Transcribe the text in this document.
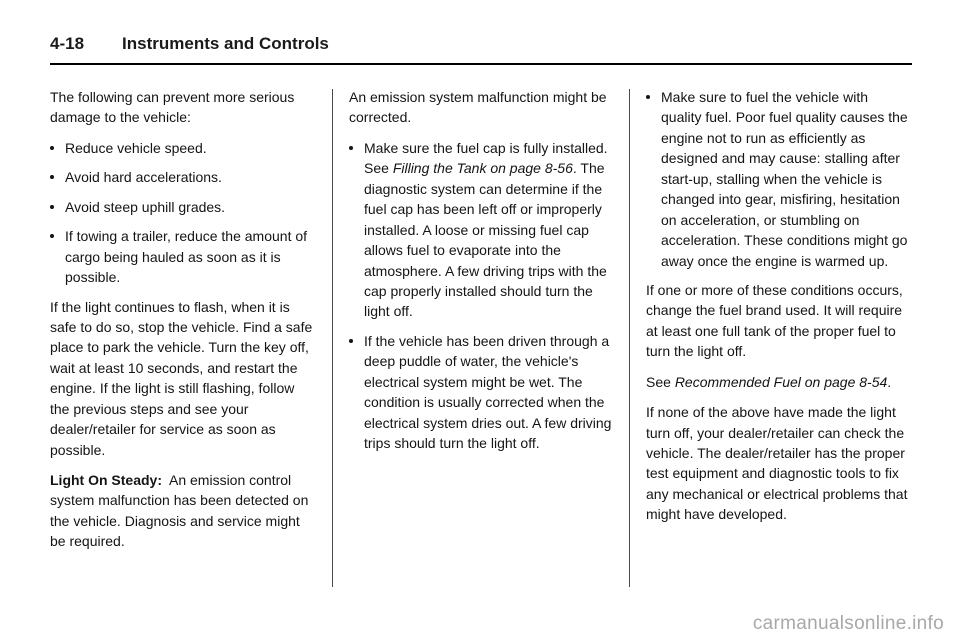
4-18 Instruments and Controls

The following can prevent more serious damage to the vehicle:

Reduce vehicle speed.
Avoid hard accelerations.
Avoid steep uphill grades.
If towing a trailer, reduce the amount of cargo being hauled as soon as it is possible.

If the light continues to flash, when it is safe to do so, stop the vehicle. Find a safe place to park the vehicle. Turn the key off, wait at least 10 seconds, and restart the engine. If the light is still flashing, follow the previous steps and see your dealer/retailer for service as soon as possible.

Light On Steady: An emission control system malfunction has been detected on the vehicle. Diagnosis and service might be required.

An emission system malfunction might be corrected.

Make sure the fuel cap is fully installed. See Filling the Tank on page 8-56. The diagnostic system can determine if the fuel cap has been left off or improperly installed. A loose or missing fuel cap allows fuel to evaporate into the atmosphere. A few driving trips with the cap properly installed should turn the light off.
If the vehicle has been driven through a deep puddle of water, the vehicle's electrical system might be wet. The condition is usually corrected when the electrical system dries out. A few driving trips should turn the light off.
Make sure to fuel the vehicle with quality fuel. Poor fuel quality causes the engine not to run as efficiently as designed and may cause: stalling after start-up, stalling when the vehicle is changed into gear, misfiring, hesitation on acceleration, or stumbling on acceleration. These conditions might go away once the engine is warmed up.

If one or more of these conditions occurs, change the fuel brand used. It will require at least one full tank of the proper fuel to turn the light off.

See Recommended Fuel on page 8-54.

If none of the above have made the light turn off, your dealer/retailer can check the vehicle. The dealer/retailer has the proper test equipment and diagnostic tools to fix any mechanical or electrical problems that might have developed.

carmanualsonline.info
